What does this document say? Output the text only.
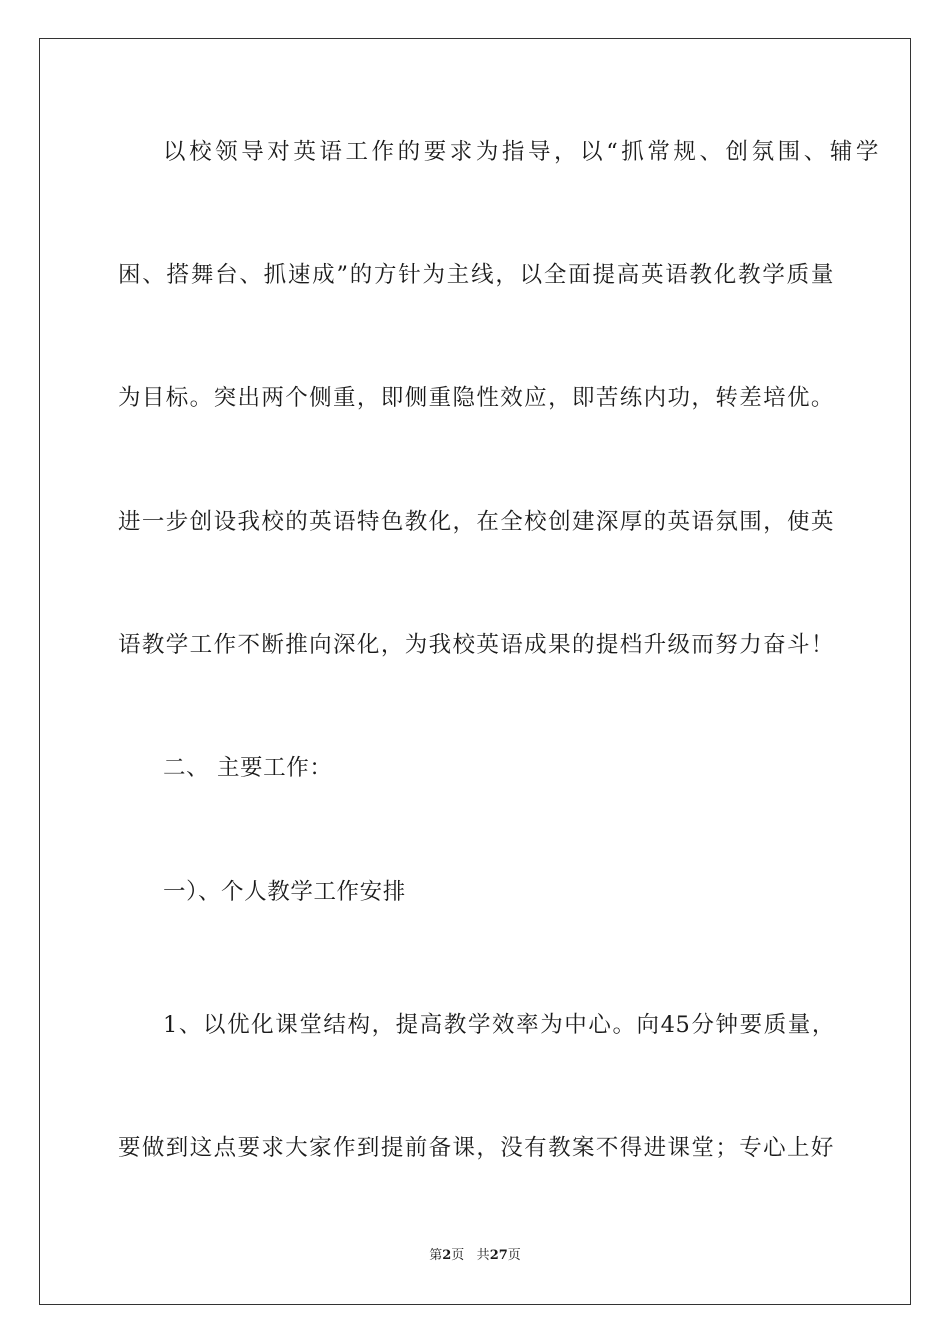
以校领导对英语工作的要求为指导，以“抓常规、创氛围、辅学
困、搭舞台、抓速成”的方针为主线，以全面提高英语教化教学质量
为目标。突出两个侧重，即侧重隐性效应，即苦练内功，转差培优。
进一步创设我校的英语特色教化，在全校创建深厚的英语氛围，使英
语教学工作不断推向深化，为我校英语成果的提档升级而努力奋斗！
二、 主要工作：
一）、个人教学工作安排
1、以优化课堂结构，提高教学效率为中心。向45分钟要质量，
要做到这点要求大家作到提前备课，没有教案不得进课堂；专心上好
第2页 共27页
